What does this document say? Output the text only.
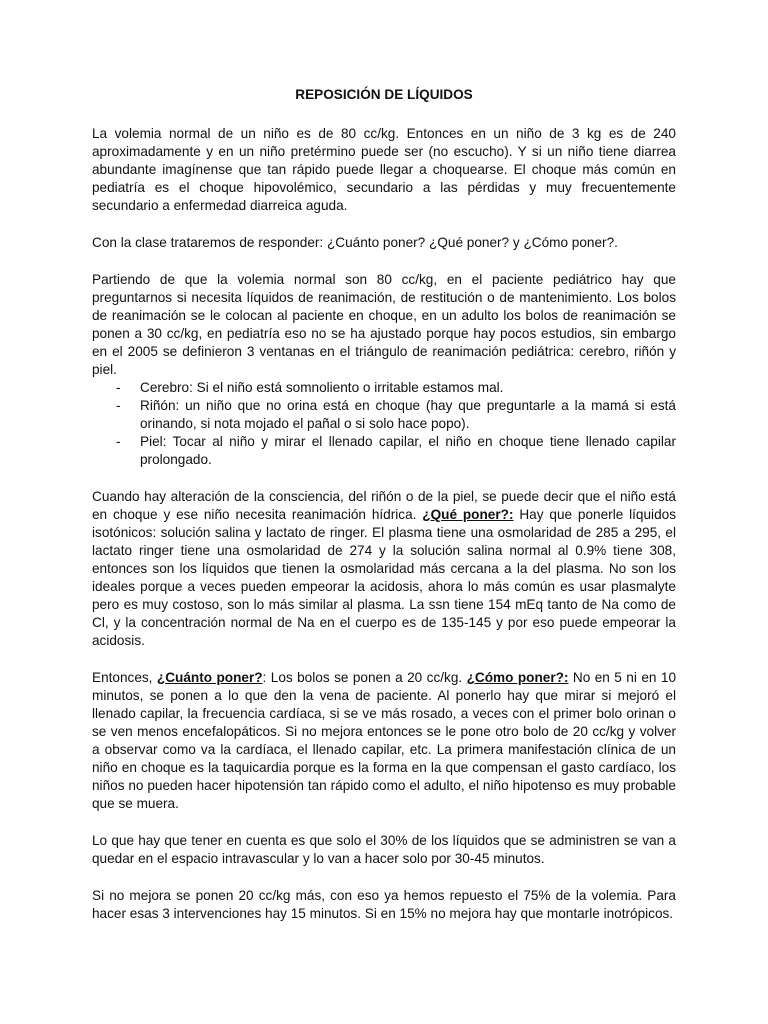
REPOSICIÓN DE LÍQUIDOS

La volemia normal de un niño es de 80 cc/kg. Entonces en un niño de 3 kg es de 240 aproximadamente y en un niño pretérmino puede ser (no escucho). Y si un niño tiene diarrea abundante imagínense que tan rápido puede llegar a choquearse. El choque más común en pediatría es el choque hipovolémico, secundario a las pérdidas y muy frecuentemente secundario a enfermedad diarreica aguda.

Con la clase trataremos de responder: ¿Cuánto poner? ¿Qué poner? y ¿Cómo poner?.

Partiendo de que la volemia normal son 80 cc/kg, en el paciente pediátrico hay que preguntarnos si necesita líquidos de reanimación, de restitución o de mantenimiento. Los bolos de reanimación se le colocan al paciente en choque, en un adulto los bolos de reanimación se ponen a 30 cc/kg, en pediatría eso no se ha ajustado porque hay pocos estudios, sin embargo en el 2005 se definieron 3 ventanas en el triángulo de reanimación pediátrica: cerebro, riñón y piel.

- Cerebro: Si el niño está somnoliento o irritable estamos mal.
- Riñón: un niño que no orina está en choque (hay que preguntarle a la mamá si está orinando, si nota mojado el pañal o si solo hace popo).
- Piel: Tocar al niño y mirar el llenado capilar, el niño en choque tiene llenado capilar prolongado.

Cuando hay alteración de la consciencia, del riñón o de la piel, se puede decir que el niño está en choque y ese niño necesita reanimación hídrica. ¿Qué poner?: Hay que ponerle líquidos isotónicos: solución salina y lactato de ringer. El plasma tiene una osmolaridad de 285 a 295, el lactato ringer tiene una osmolaridad de 274 y la solución salina normal al 0.9% tiene 308, entonces son los líquidos que tienen la osmolaridad más cercana a la del plasma. No son los ideales porque a veces pueden empeorar la acidosis, ahora lo más común es usar plasmalyte pero es muy costoso, son lo más similar al plasma. La ssn tiene 154 mEq tanto de Na como de Cl, y la concentración normal de Na en el cuerpo es de 135-145 y por eso puede empeorar la acidosis.

Entonces, ¿Cuánto poner?: Los bolos se ponen a 20 cc/kg. ¿Cómo poner?: No en 5 ni en 10 minutos, se ponen a lo que den la vena de paciente. Al ponerlo hay que mirar si mejoró el llenado capilar, la frecuencia cardíaca, si se ve más rosado, a veces con el primer bolo orinan o se ven menos encefalopáticos. Si no mejora entonces se le pone otro bolo de 20 cc/kg y volver a observar como va la cardíaca, el llenado capilar, etc. La primera manifestación clínica de un niño en choque es la taquicardia porque es la forma en la que compensan el gasto cardíaco, los niños no pueden hacer hipotensión tan rápido como el adulto, el niño hipotenso es muy probable que se muera.

Lo que hay que tener en cuenta es que solo el 30% de los líquidos que se administren se van a quedar en el espacio intravascular y lo van a hacer solo por 30-45 minutos.

Si no mejora se ponen 20 cc/kg más, con eso ya hemos repuesto el 75% de la volemia. Para hacer esas 3 intervenciones hay 15 minutos. Si en 15% no mejora hay que montarle inotrópicos.
